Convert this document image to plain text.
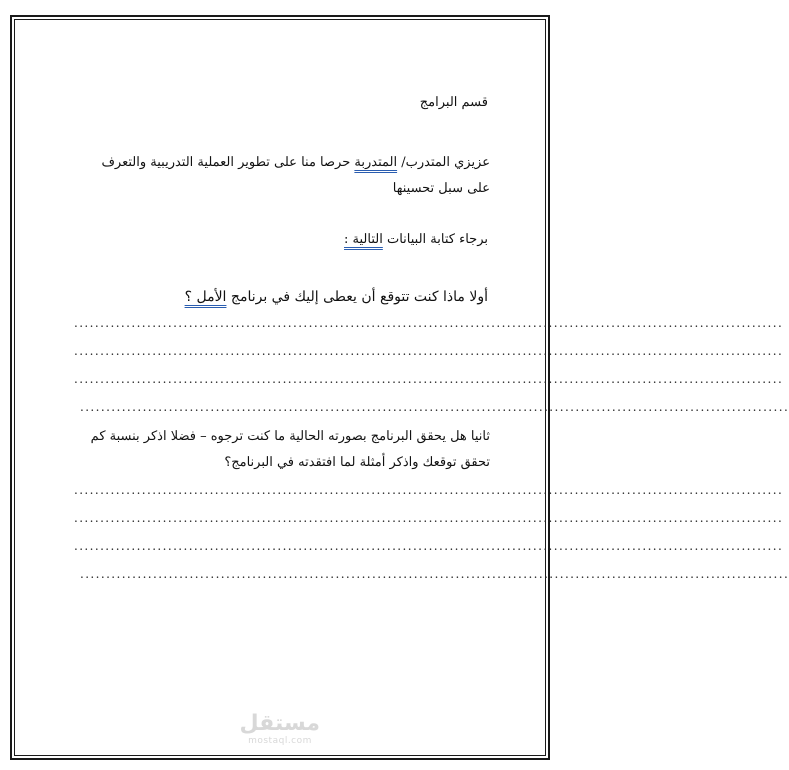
قسم البرامج
عزيزي المتدرب/ المتدربة حرصا منا على تطوير العملية التدريبية والتعرف على سبل تحسينها
برجاء كتابة البيانات التالية :
أولا ماذا كنت تتوقع أن يعطى إليك في برنامج الأمل ؟
........................................................................................................................................
........................................................................................................................................
........................................................................................................................................
........................................................................................................................................
ثانيا هل يحقق البرنامج بصورته الحالية ما كنت ترجوه – فضلا اذكر بنسبة كم تحقق توقعك واذكر أمثلة لما افتقدته في البرنامج؟
........................................................................................................................................
........................................................................................................................................
........................................................................................................................................
........................................................................................................................................
مستقل
mostaql.com
